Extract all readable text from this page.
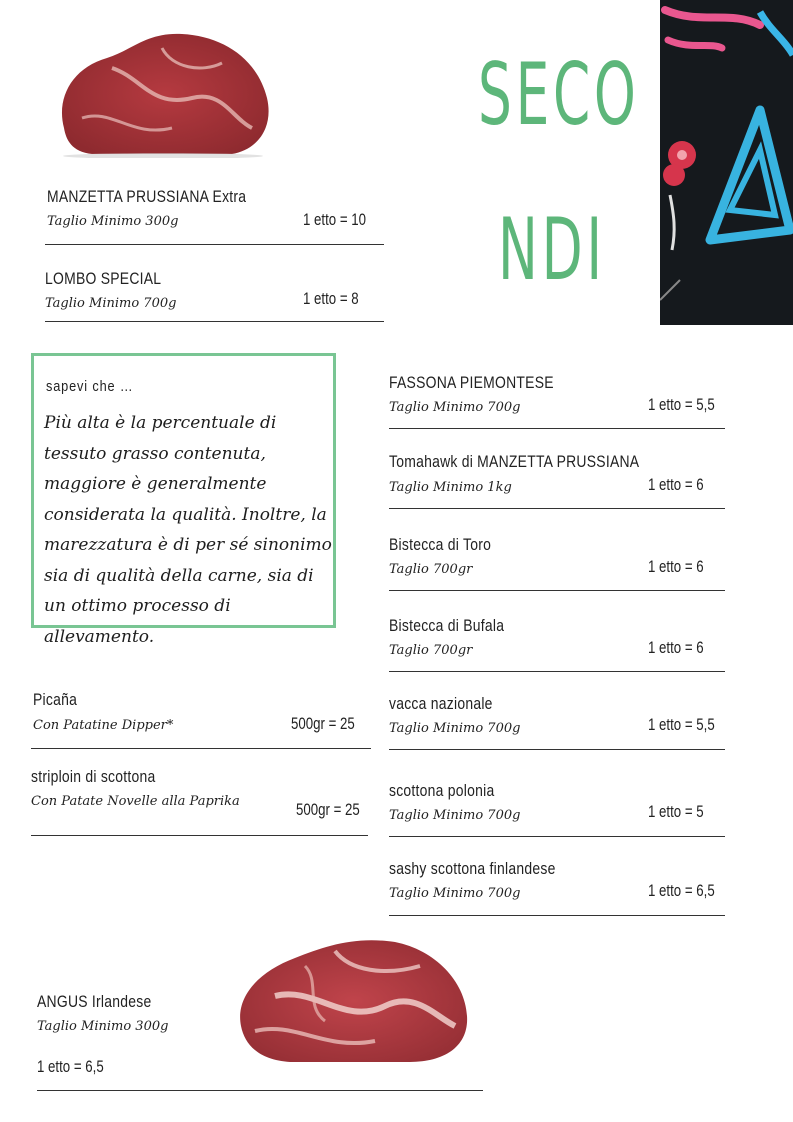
SECO
NDI
MANZETTA PRUSSIANA Extra
Taglio Minimo 300g	1 etto = 10
LOMBO SPECIAL
Taglio Minimo 700g	1 etto = 8
sapevi che …
Più alta è la percentuale di tessuto grasso contenuta, maggiore è generalmente considerata la qualità. Inoltre, la marezzatura è di per sé sinonimo sia di qualità della carne, sia di un ottimo processo di allevamento.
FASSONA PIEMONTESE
Taglio Minimo 700g	1 etto = 5,5
Tomahawk di MANZETTA PRUSSIANA
Taglio Minimo 1kg	1 etto = 6
Bistecca di Toro
Taglio 700gr	1 etto = 6
Bistecca di Bufala
Taglio 700gr	1 etto = 6
vacca nazionale
Taglio Minimo 700g	1 etto = 5,5
scottona polonia
Taglio Minimo 700g	1 etto = 5
sashy scottona finlandese
Taglio Minimo 700g	1 etto = 6,5
Picaña
Con Patatine Dipper*	500gr = 25
striploin di scottona
Con Patate Novelle alla Paprika	500gr = 25
ANGUS Irlandese
Taglio Minimo 300g
1 etto = 6,5
